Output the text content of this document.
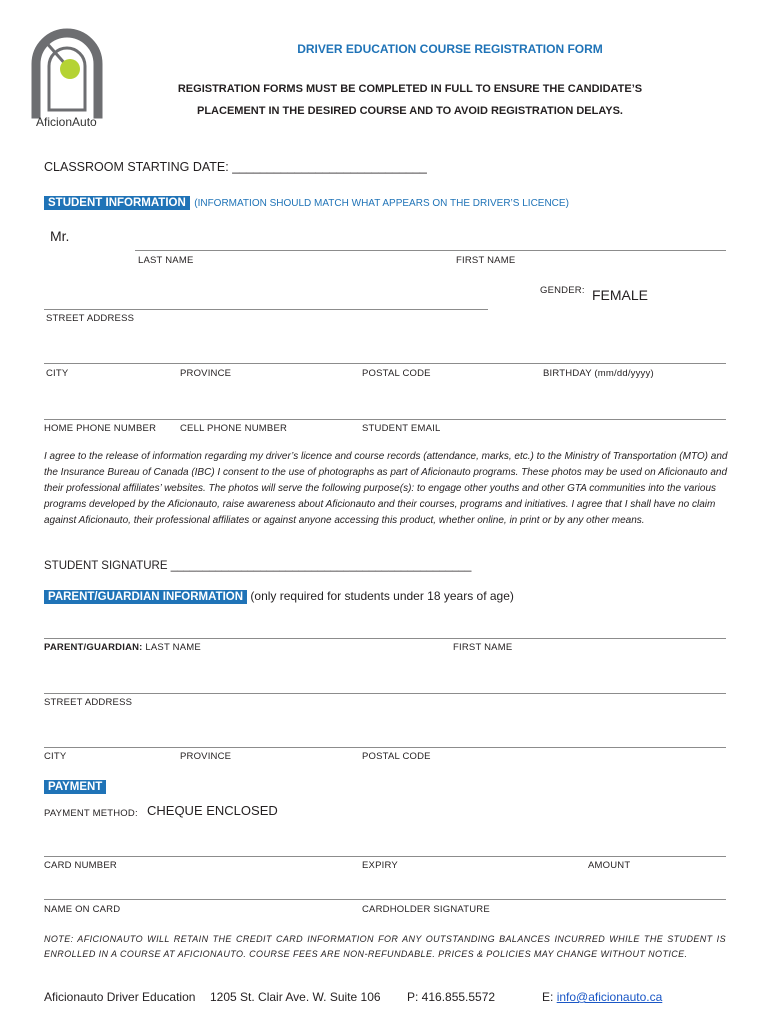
AficionAuto
DRIVER EDUCATION COURSE REGISTRATION FORM
REGISTRATION FORMS MUST BE COMPLETED IN FULL TO ENSURE THE CANDIDATE’S
PLACEMENT IN THE DESIRED COURSE AND TO AVOID REGISTRATION DELAYS.
CLASSROOM STARTING DATE: ____________________________
STUDENT INFORMATION (INFORMATION SHOULD MATCH WHAT APPEARS ON THE DRIVER’S LICENCE)
Mr.
LAST NAME	FIRST NAME
GENDER: FEMALE
STREET ADDRESS
CITY	PROVINCE	POSTAL CODE	BIRTHDAY (mm/dd/yyyy)
HOME PHONE NUMBER	CELL PHONE NUMBER	STUDENT EMAIL
I agree to the release of information regarding my driver’s licence and course records (attendance, marks, etc.) to the Ministry of Transportation (MTO) and the Insurance Bureau of Canada (IBC) I consent to the use of photographs as part of Aficionauto programs. These photos may be used on Aficionauto and their professional affiliates’ websites. The photos will serve the following purpose(s): to engage other youths and other GTA communities into the various programs developed by the Aficionauto, raise awareness about Aficionauto and their courses, programs and initiatives. I agree that I shall have no claim against Aficionauto, their professional affiliates or against anyone accessing this product, whether online, in print or by any other means.
STUDENT SIGNATURE _______________________________________________
PARENT/GUARDIAN INFORMATION (only required for students under 18 years of age)
PARENT/GUARDIAN: LAST NAME	FIRST NAME
STREET ADDRESS
CITY	PROVINCE	POSTAL CODE
PAYMENT
PAYMENT METHOD: CHEQUE ENCLOSED
CARD NUMBER	EXPIRY	AMOUNT
NAME ON CARD	CARDHOLDER SIGNATURE
NOTE: AFICIONAUTO WILL RETAIN THE CREDIT CARD INFORMATION FOR ANY OUTSTANDING BALANCES INCURRED WHILE THE STUDENT IS ENROLLED IN A COURSE AT AFICIONAUTO. COURSE FEES ARE NON-REFUNDABLE. PRICES & POLICIES MAY CHANGE WITHOUT NOTICE.
Aficionauto Driver Education 1205 St. Clair Ave. W. Suite 106 P: 416.855.5572	E: info@aficionauto.ca
